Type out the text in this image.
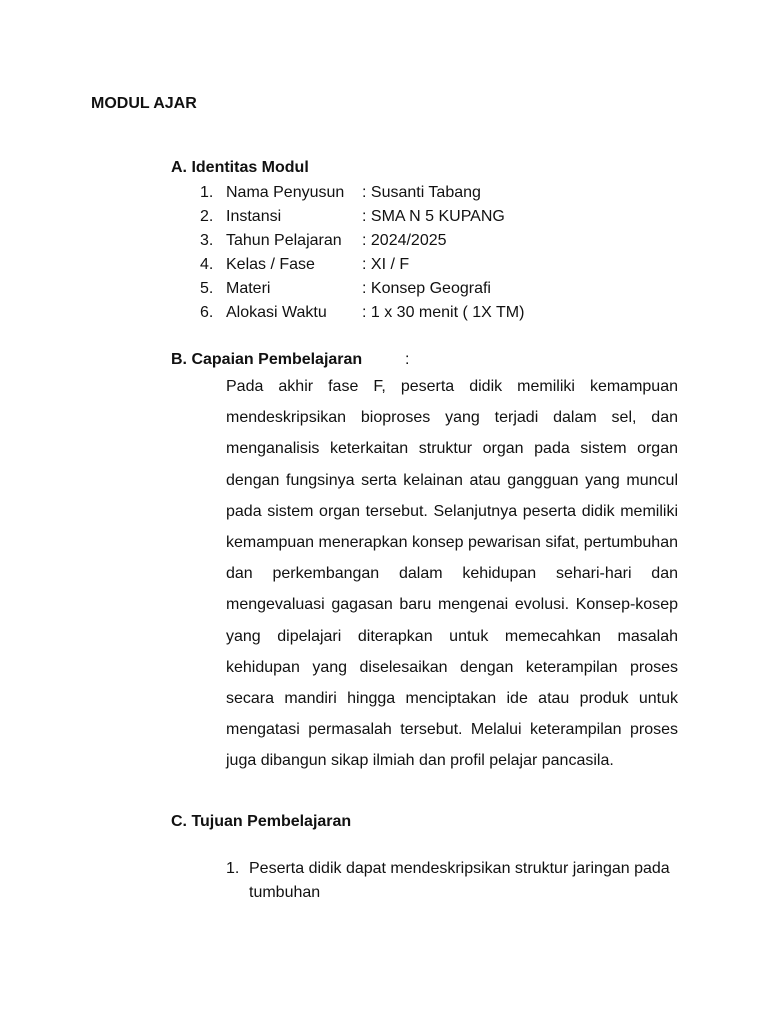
MODUL AJAR
A. Identitas Modul
1. Nama Penyusun	: Susanti Tabang
2. Instansi	: SMA N 5 KUPANG
3. Tahun Pelajaran	: 2024/2025
4. Kelas / Fase	: XI / F
5. Materi	: Konsep Geografi
6. Alokasi Waktu	: 1 x 30 menit ( 1X TM)
B. Capaian Pembelajaran	:

Pada akhir fase F, peserta didik memiliki kemampuan mendeskripsikan bioproses yang terjadi dalam sel, dan menganalisis keterkaitan struktur organ pada sistem organ dengan fungsinya serta kelainan atau gangguan yang muncul pada sistem organ tersebut. Selanjutnya peserta didik memiliki kemampuan menerapkan konsep pewarisan sifat, pertumbuhan dan perkembangan dalam kehidupan sehari-hari dan mengevaluasi gagasan baru mengenai evolusi. Konsep-kosep yang dipelajari diterapkan untuk memecahkan masalah kehidupan yang diselesaikan dengan keterampilan proses secara mandiri hingga menciptakan ide atau produk untuk mengatasi permasalah tersebut. Melalui keterampilan proses juga dibangun sikap ilmiah dan profil pelajar pancasila.

C. Tujuan Pembelajaran
1. Peserta didik dapat mendeskripsikan struktur jaringan pada tumbuhan
